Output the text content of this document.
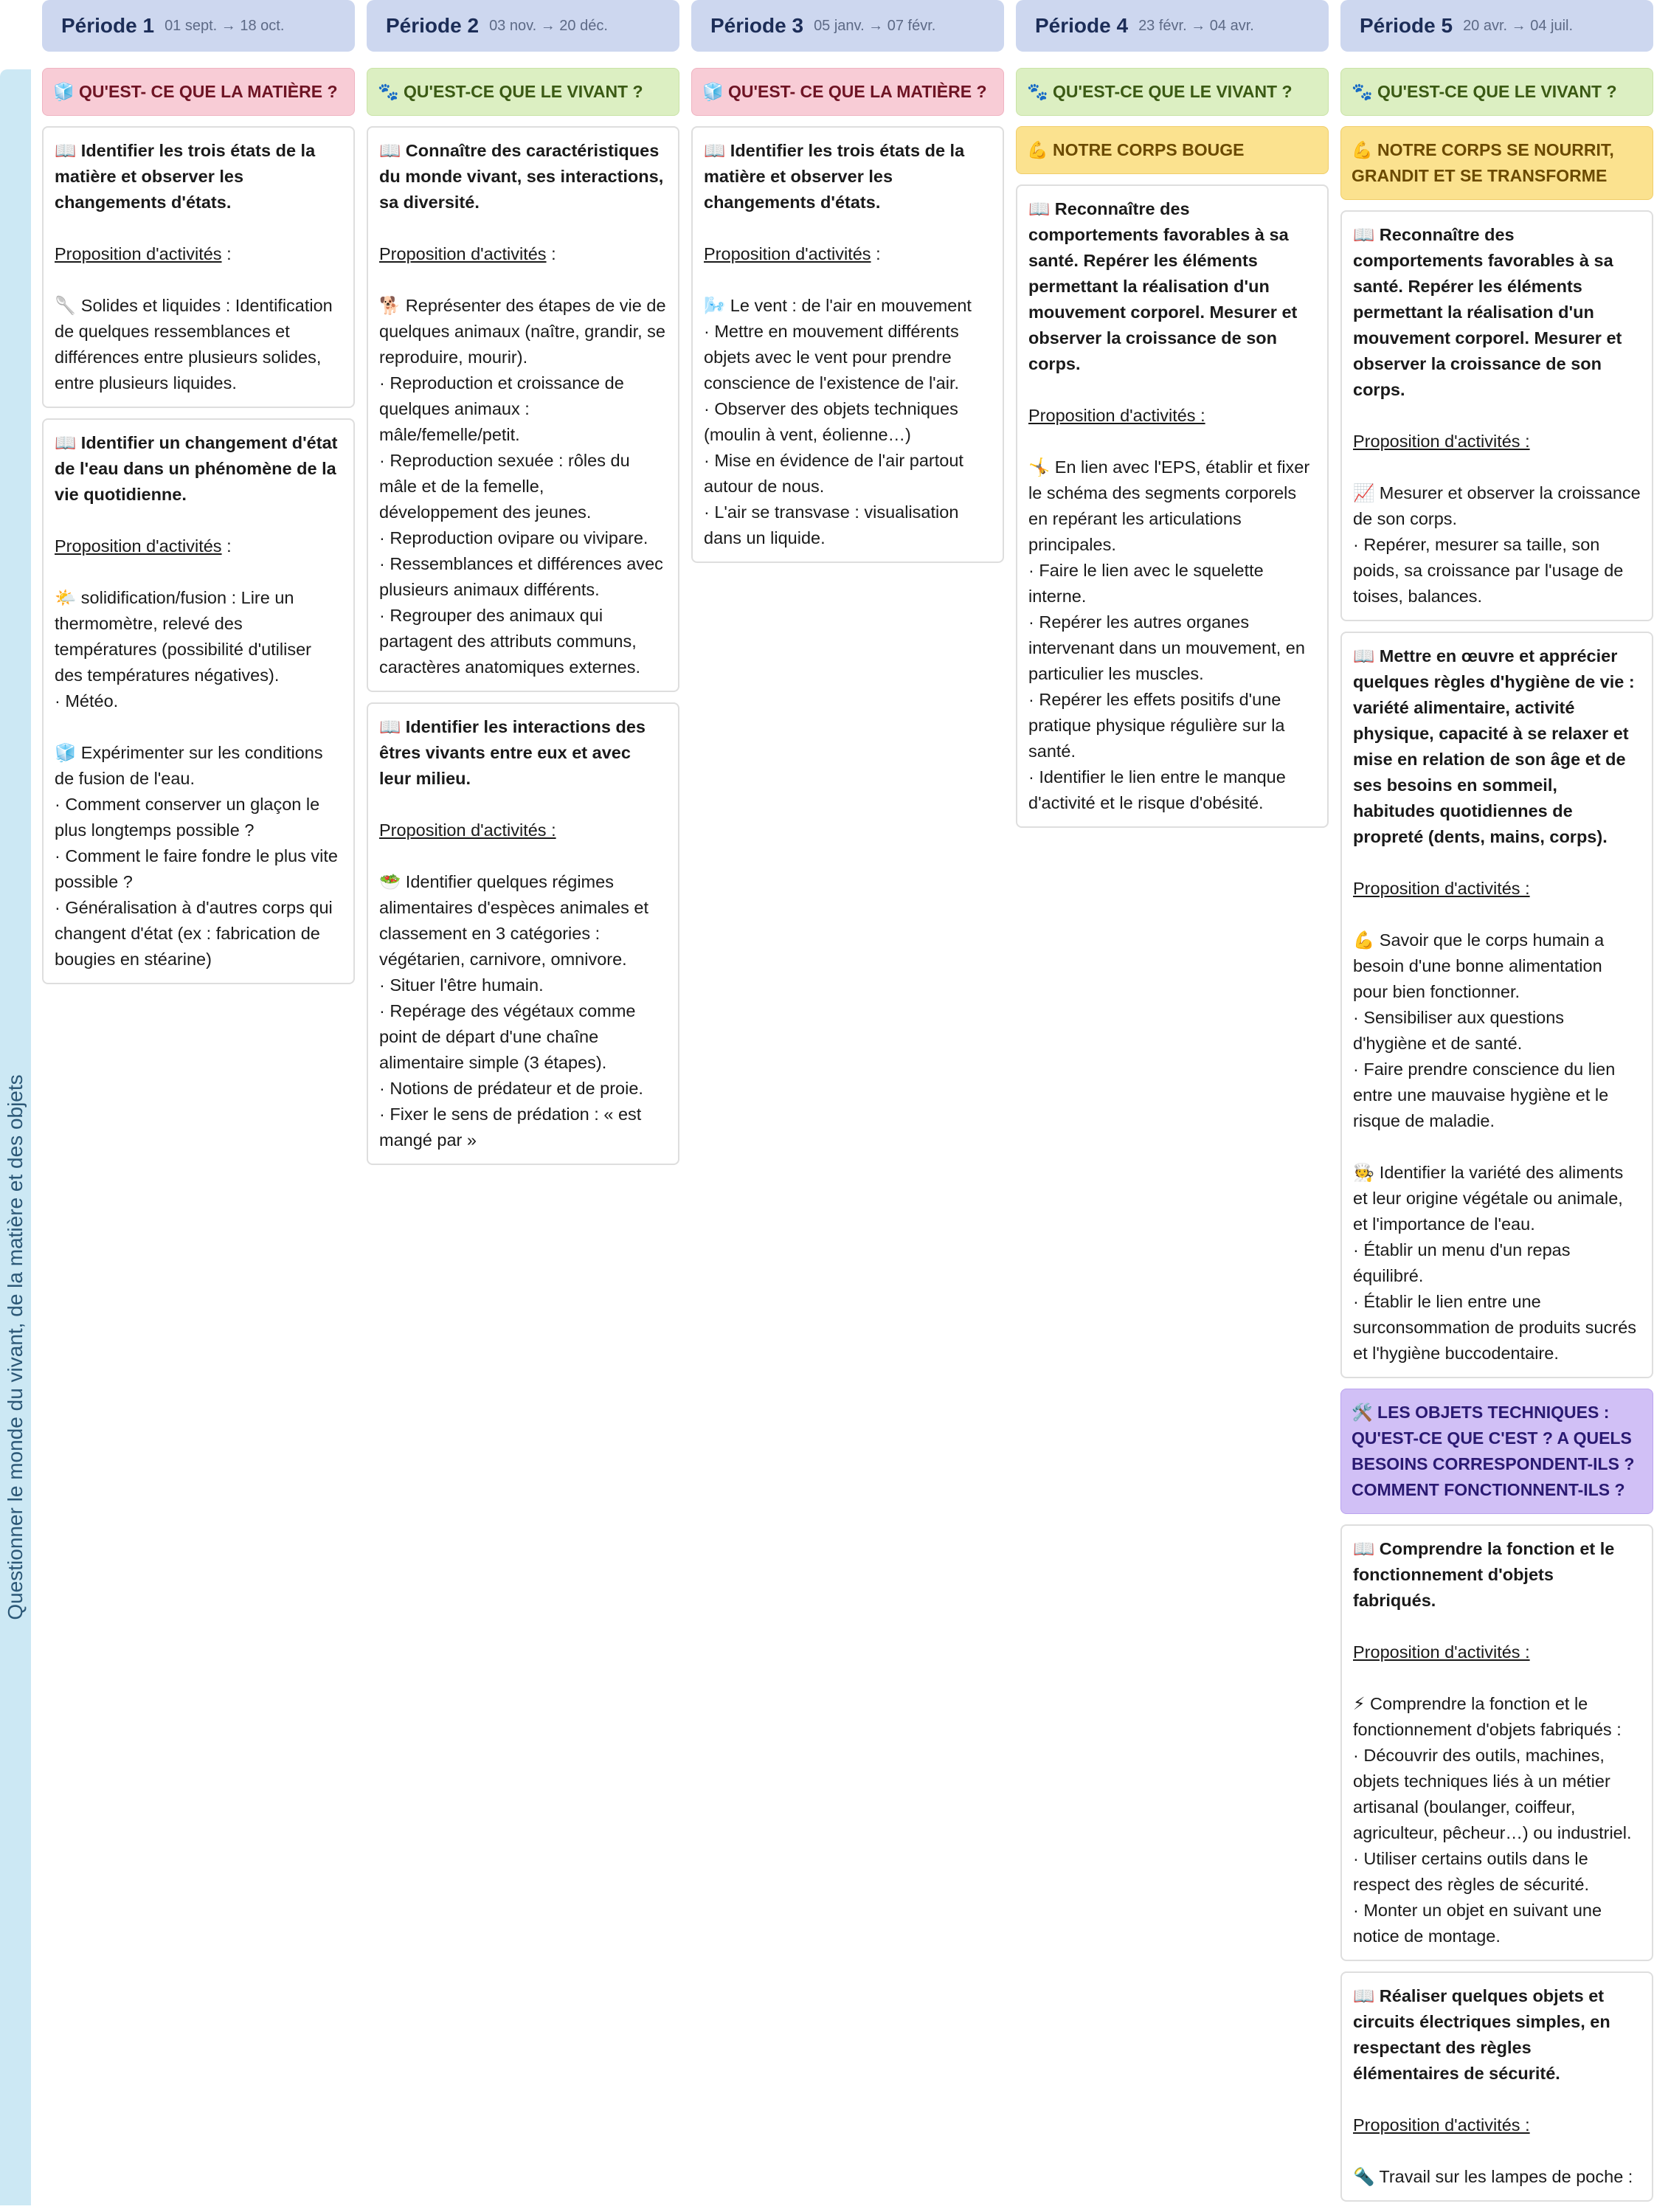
Questionner le monde du vivant, de la matière et des objets
Période 1 01 sept. → 18 oct.
🧊 QU'EST- CE QUE LA MATIÈRE ?
📖 Identifier les trois états de la matière et observer les changements d'états.
Proposition d'activités :
🥄 Solides et liquides : Identification de quelques ressemblances et différences entre plusieurs solides, entre plusieurs liquides.
📖 Identifier un changement d'état de l'eau dans un phénomène de la vie quotidienne.
Proposition d'activités :
🌤️ solidification/fusion : Lire un thermomètre, relevé des températures (possibilité d'utiliser des températures négatives).
· Météo.
🧊 Expérimenter sur les conditions de fusion de l'eau.
· Comment conserver un glaçon le plus longtemps possible ?
· Comment le faire fondre le plus vite possible ?
· Généralisation à d'autres corps qui changent d'état (ex : fabrication de bougies en stéarine)
Période 2 03 nov. → 20 déc.
🐾 QU'EST-CE QUE LE VIVANT ?
📖 Connaître des caractéristiques du monde vivant, ses interactions, sa diversité.
Proposition d'activités :
🐕 Représenter des étapes de vie de quelques animaux (naître, grandir, se reproduire, mourir).
· Reproduction et croissance de quelques animaux : mâle/femelle/petit.
· Reproduction sexuée : rôles du mâle et de la femelle, développement des jeunes.
· Reproduction ovipare ou vivipare.
· Ressemblances et différences avec plusieurs animaux différents.
· Regrouper des animaux qui partagent des attributs communs, caractères anatomiques externes.
📖 Identifier les interactions des êtres vivants entre eux et avec leur milieu.
Proposition d'activités :
🥗 Identifier quelques régimes alimentaires d'espèces animales et classement en 3 catégories : végétarien, carnivore, omnivore.
· Situer l'être humain.
· Repérage des végétaux comme point de départ d'une chaîne alimentaire simple (3 étapes).
· Notions de prédateur et de proie.
· Fixer le sens de prédation : « est mangé par »
Période 3 05 janv. → 07 févr.
🧊 QU'EST- CE QUE LA MATIÈRE ?
📖 Identifier les trois états de la matière et observer les changements d'états.
Proposition d'activités :
🌬️ Le vent : de l'air en mouvement
· Mettre en mouvement différents objets avec le vent pour prendre conscience de l'existence de l'air.
· Observer des objets techniques (moulin à vent, éolienne…)
· Mise en évidence de l'air partout autour de nous.
· L'air se transvase : visualisation dans un liquide.
Période 4 23 févr. → 04 avr.
🐾 QU'EST-CE QUE LE VIVANT ?
💪 NOTRE CORPS BOUGE
📖 Reconnaître des comportements favorables à sa santé. Repérer les éléments permettant la réalisation d'un mouvement corporel. Mesurer et observer la croissance de son corps.
Proposition d'activités :
🤸 En lien avec l'EPS, établir et fixer le schéma des segments corporels en repérant les articulations principales.
· Faire le lien avec le squelette interne.
· Repérer les autres organes intervenant dans un mouvement, en particulier les muscles.
· Repérer les effets positifs d'une pratique physique régulière sur la santé.
· Identifier le lien entre le manque d'activité et le risque d'obésité.
Période 5 20 avr. → 04 juil.
🐾 QU'EST-CE QUE LE VIVANT ?
💪 NOTRE CORPS SE NOURRIT, GRANDIT ET SE TRANSFORME
📖 Reconnaître des comportements favorables à sa santé. Repérer les éléments permettant la réalisation d'un mouvement corporel. Mesurer et observer la croissance de son corps.
Proposition d'activités :
📈 Mesurer et observer la croissance de son corps.
· Repérer, mesurer sa taille, son poids, sa croissance par l'usage de toises, balances.
📖 Mettre en œuvre et apprécier quelques règles d'hygiène de vie : variété alimentaire, activité physique, capacité à se relaxer et mise en relation de son âge et de ses besoins en sommeil, habitudes quotidiennes de propreté (dents, mains, corps).
Proposition d'activités :
💪 Savoir que le corps humain a besoin d'une bonne alimentation pour bien fonctionner.
· Sensibiliser aux questions d'hygiène et de santé.
· Faire prendre conscience du lien entre une mauvaise hygiène et le risque de maladie.
🧑‍🍳 Identifier la variété des aliments et leur origine végétale ou animale, et l'importance de l'eau.
· Établir un menu d'un repas équilibré.
· Établir le lien entre une surconsommation de produits sucrés et l'hygiène buccodentaire.
🛠️ LES OBJETS TECHNIQUES : QU'EST-CE QUE C'EST ? A QUELS BESOINS CORRESPONDENT-ILS ? COMMENT FONCTIONNENT-ILS ?
📖 Comprendre la fonction et le fonctionnement d'objets fabriqués.
Proposition d'activités :
⚡ Comprendre la fonction et le fonctionnement d'objets fabriqués :
· Découvrir des outils, machines, objets techniques liés à un métier artisanal (boulanger, coiffeur, agriculteur, pêcheur…) ou industriel.
· Utiliser certains outils dans le respect des règles de sécurité.
· Monter un objet en suivant une notice de montage.
📖 Réaliser quelques objets et circuits électriques simples, en respectant des règles élémentaires de sécurité.
Proposition d'activités :
🔦 Travail sur les lampes de poche :
